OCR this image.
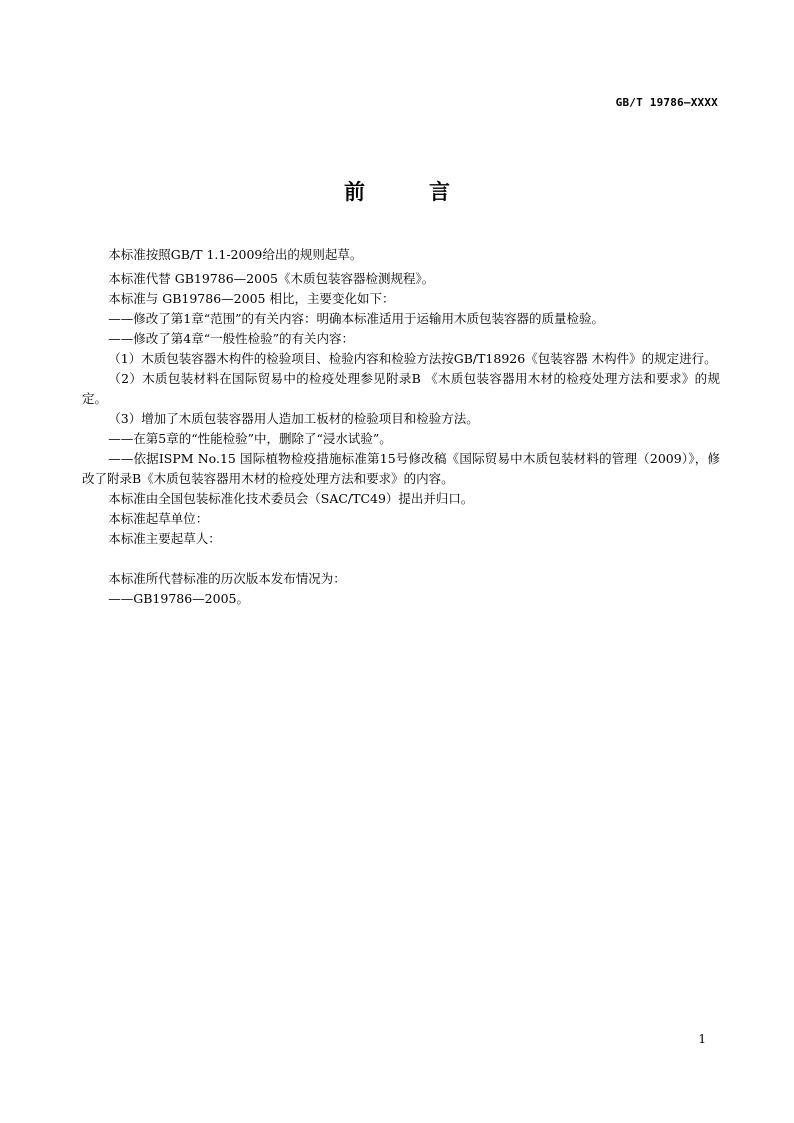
GB/T 19786—XXXX
前言

本标准按照GB/T 1.1-2009给出的规则起草。

本标准代替 GB19786—2005《木质包装容器检测规程》。

本标准与 GB19786—2005 相比，主要变化如下：

——修改了第1章“范围”的有关内容：明确本标准适用于运输用木质包装容器的质量检验。

——修改了第4章“一般性检验”的有关内容：

（1）木质包装容器木构件的检验项目、检验内容和检验方法按GB/T18926《包装容器 木构件》的规定进行。

（2）木质包装材料在国际贸易中的检疫处理参见附录B 《木质包装容器用木材的检疫处理方法和要求》的规定。

（3）增加了木质包装容器用人造加工板材的检验项目和检验方法。

——在第5章的“性能检验”中，删除了“浸水试验”。

——依据ISPM No.15 国际植物检疫措施标准第15号修改稿《国际贸易中木质包装材料的管理（2009）》，修改了附录B《木质包装容器用木材的检疫处理方法和要求》的内容。

本标准由全国包装标准化技术委员会（SAC/TC49）提出并归口。

本标准起草单位：

本标准主要起草人：

本标准所代替标准的历次版本发布情况为：

——GB19786—2005。

1
